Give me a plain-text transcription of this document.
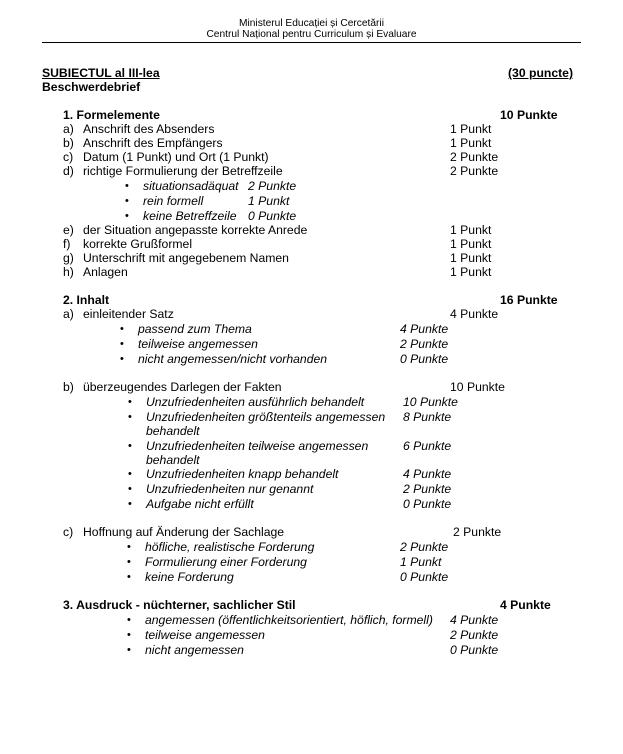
Ministerul Educației și Cercetării
Centrul Național pentru Curriculum și Evaluare
SUBIECTUL al III-lea	(30 puncte)
Beschwerdebrief
1. Formelemente	10 Punkte
a) Anschrift des Absenders	1 Punkt
b) Anschrift des Empfängers	1 Punkt
c) Datum (1 Punkt) und Ort (1 Punkt)	2 Punkte
d) richtige Formulierung der Betreffzeile	2 Punkte
• situationsadäquat 2 Punkte
• rein formell	1 Punkt
• keine Betreffzeile 0 Punkte
e) der Situation angepasste korrekte Anrede	1 Punkt
f) korrekte Grußformel	1 Punkt
g) Unterschrift mit angegebenem Namen	1 Punkt
h) Anlagen	1 Punkt
2. Inhalt	16 Punkte
a) einleitender Satz	4 Punkte
• passend zum Thema	4 Punkte
• teilweise angemessen	2 Punkte
• nicht angemessen/nicht vorhanden	0 Punkte
b) überzeugendes Darlegen der Fakten	10 Punkte
• Unzufriedenheiten ausführlich behandelt	10 Punkte
• Unzufriedenheiten größtenteils angemessen
behandelt
8 Punkte
• Unzufriedenheiten teilweise angemessen
behandelt
6 Punkte
• Unzufriedenheiten knapp behandelt	4 Punkte
• Unzufriedenheiten nur genannt	2 Punkte
• Aufgabe nicht erfüllt	0 Punkte
c) Hoffnung auf Änderung der Sachlage	2 Punkte
• höfliche, realistische Forderung	2 Punkte
• Formulierung einer Forderung	1 Punkt
• keine Forderung	0 Punkte
3. Ausdruck - nüchterner, sachlicher Stil	4 Punkte
• angemessen (öffentlichkeitsorientiert, höflich, formell) 4 Punkte
• teilweise angemessen	2 Punkte
• nicht angemessen	0 Punkte
